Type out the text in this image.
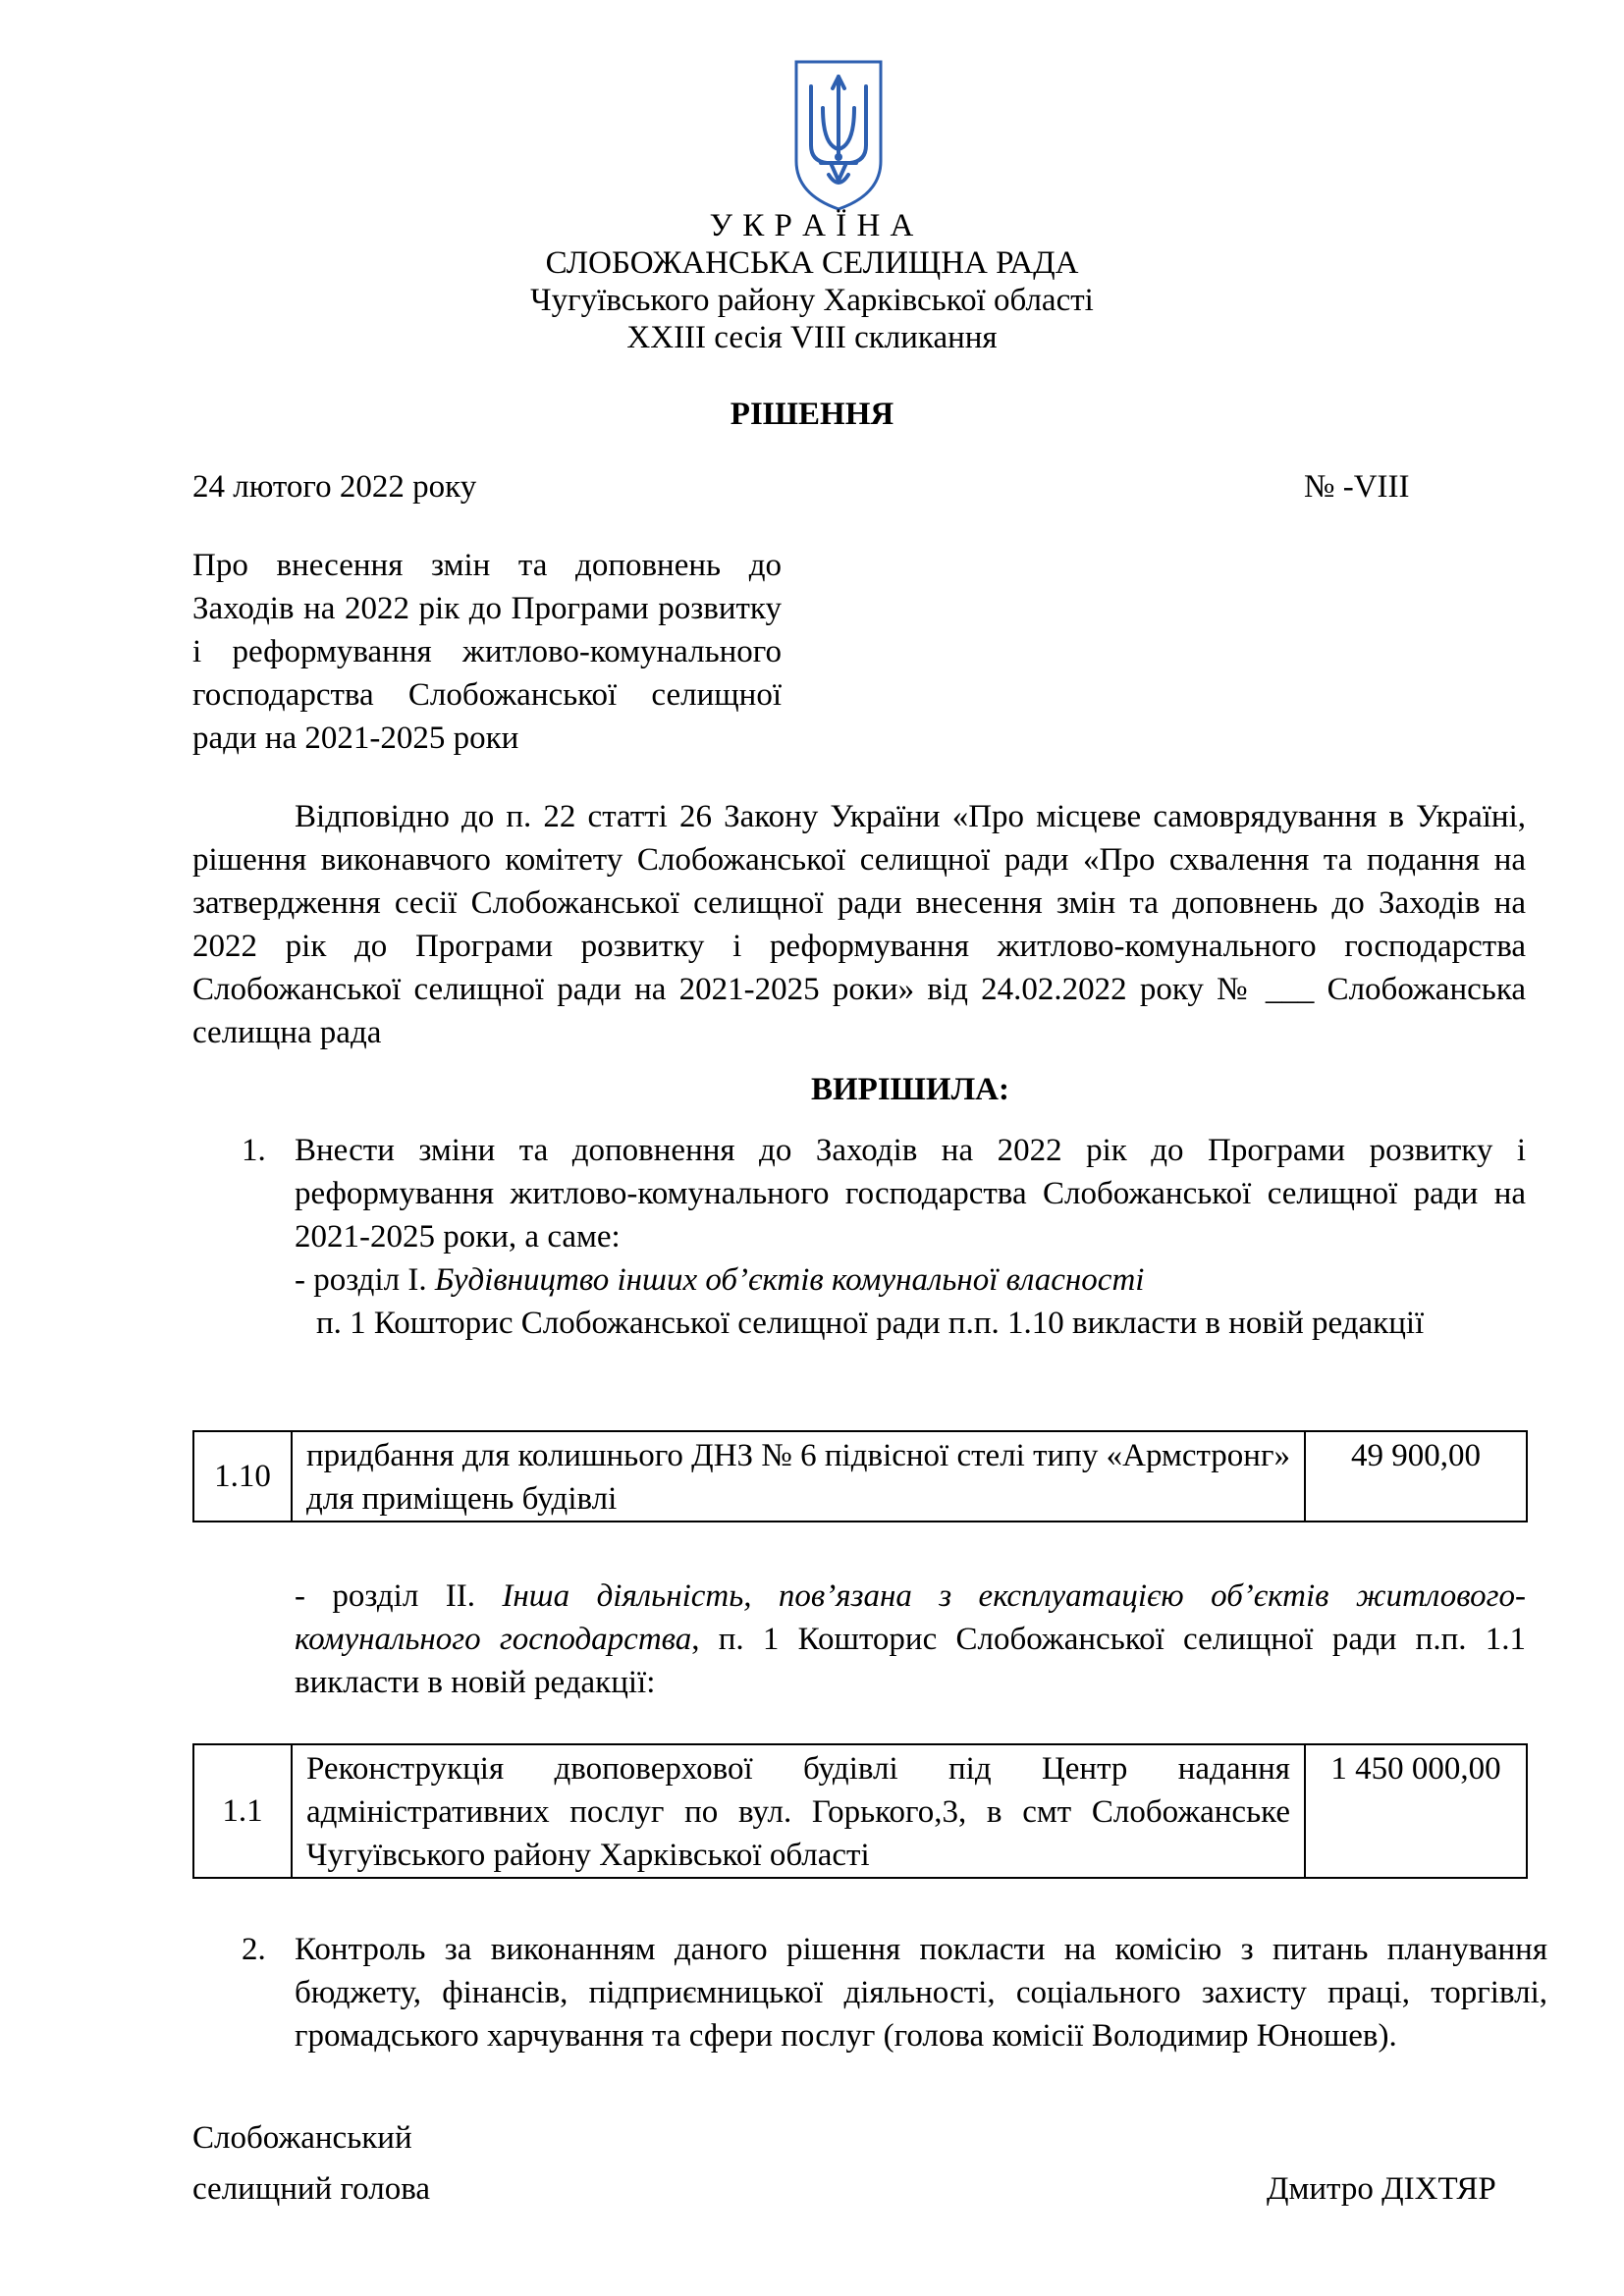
У К Р А Ї Н А
СЛОБОЖАНСЬКА СЕЛИЩНА РАДА
Чугуївського району Харківської області
XXIII сесія VIII скликання
РІШЕННЯ
24 лютого 2022 року	№ -VIII
Про внесення змін та доповнень до Заходів на 2022 рік до Програми розвитку і реформування житлово-комунального господарства Слобожанської селищної ради на 2021-2025 роки
Відповідно до п. 22 статті 26 Закону України «Про місцеве самоврядування в Україні, рішення виконавчого комітету Слобожанської селищної ради «Про схвалення та подання на затвердження сесії Слобожанської селищної ради внесення змін та доповнень до Заходів на 2022 рік до Програми розвитку і реформування житлово-комунального господарства Слобожанської селищної ради на 2021-2025 роки» від 24.02.2022 року № ___ Слобожанська селищна рада
ВИРІШИЛА:
1. Внести зміни та доповнення до Заходів на 2022 рік до Програми розвитку і реформування житлово-комунального господарства Слобожанської селищної ради на 2021-2025 роки, а саме:
- розділ І. Будівництво інших об’єктів комунальної власності
п. 1 Кошторис Слобожанської селищної ради п.п. 1.10 викласти в новій редакції
1.10	придбання для колишнього ДНЗ № 6 підвісної стелі типу «Армстронг» для приміщень будівлі	49 900,00
- розділ ІІ. Інша діяльність, пов’язана з експлуатацією об’єктів житлового-комунального господарства, п. 1 Кошторис Слобожанської селищної ради п.п. 1.1 викласти в новій редакції:
1.1	Реконструкція двоповерхової будівлі під Центр надання адміністративних послуг по вул. Горького,3, в смт Слобожанське Чугуївського району Харківської області	1 450 000,00
2. Контроль за виконанням даного рішення покласти на комісію з питань планування бюджету, фінансів, підприємницької діяльності, соціального захисту праці, торгівлі, громадського харчування та сфери послуг (голова комісії Володимир Юношев).
Слобожанський
селищний голова	Дмитро ДІХТЯР
